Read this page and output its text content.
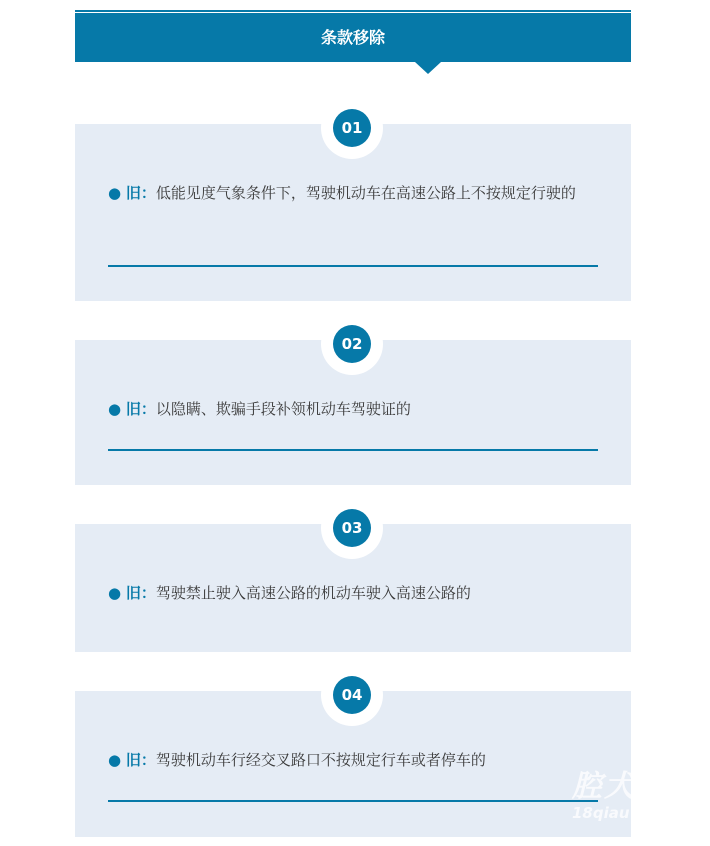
条款移除
● 旧：低能见度气象条件下，驾驶机动车在高速公路上不按规定行驶的
01
● 旧：以隐瞒、欺骗手段补领机动车驾驶证的
02
● 旧：驾驶禁止驶入高速公路的机动车驶入高速公路的
03
● 旧：驾驶机动车行经交叉路口不按规定行车或者停车的
04
腔犬
18qiau
